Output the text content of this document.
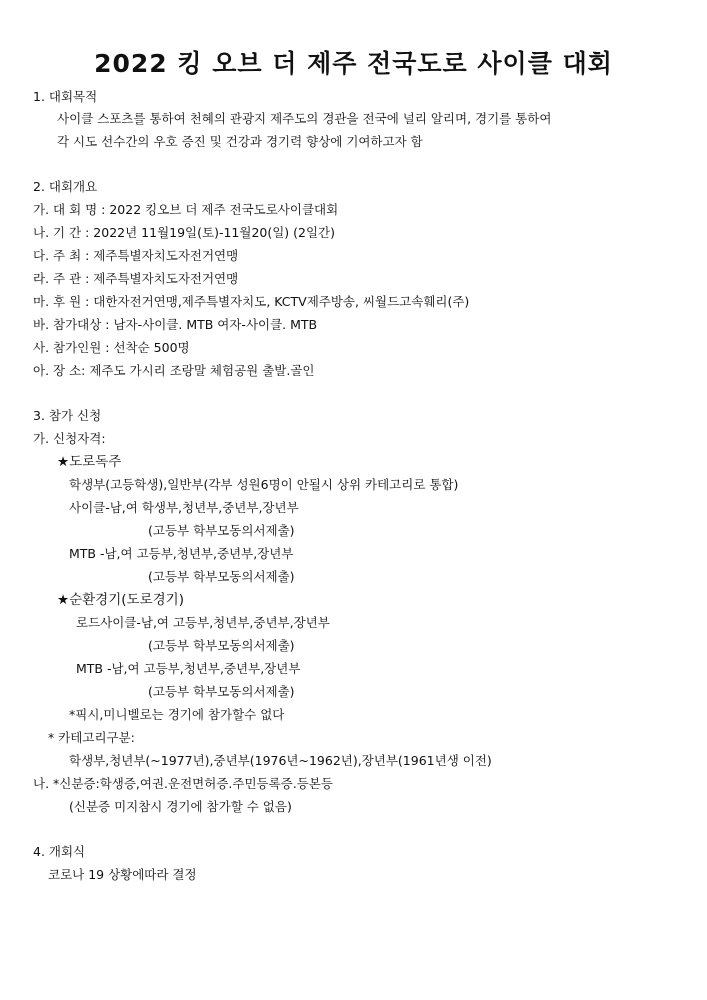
2022 킹 오브 더 제주 전국도로 사이클 대회
1. 대회목적
사이클 스포츠를 통하여 천혜의 관광지 제주도의 경관을 전국에 널리 알리며, 경기를 통하여
각 시도 선수간의 우호 증진 및 건강과 경기력 향상에 기여하고자 함
2. 대회개요
가. 대 회 명 : 2022 킹오브 더 제주 전국도로사이클대회
나. 기 간 : 2022년 11월19일(토)-11월20(일) (2일간)
다. 주 최 : 제주특별자치도자전거연맹
라. 주 관 : 제주특별자치도자전거연맹
마. 후 원 : 대한자전거연맹,제주특별자치도, KCTV제주방송, 씨월드고속훼리(주)
바. 참가대상 : 남자-사이클. MTB 여자-사이클. MTB
사. 참가인원 : 선착순 500명
아. 장 소: 제주도 가시리 조랑말 체험공원 출발.골인
3. 참가 신청
가. 신청자격:
★도로독주
학생부(고등학생),일반부(각부 성원6명이 안될시 상위 카테고리로 통합)
사이클-남,여 학생부,청년부,중년부,장년부
(고등부 학부모동의서제출)
MTB -남,여 고등부,청년부,중년부,장년부
(고등부 학부모동의서제출)
★순환경기(도로경기)
로드사이클-남,여 고등부,청년부,중년부,장년부
(고등부 학부모동의서제출)
MTB -남,여 고등부,청년부,중년부,장년부
(고등부 학부모동의서제출)
*픽시,미니벨로는 경기에 참가할수 없다
* 카테고리구분:
학생부,청년부(~1977년),중년부(1976년~1962년),장년부(1961년생 이전)
나. *신분증:학생증,여권.운전면허증.주민등록증.등본등
(신분증 미지참시 경기에 참가할 수 없음)
4. 개회식
코로나 19 상황에따라 결정
